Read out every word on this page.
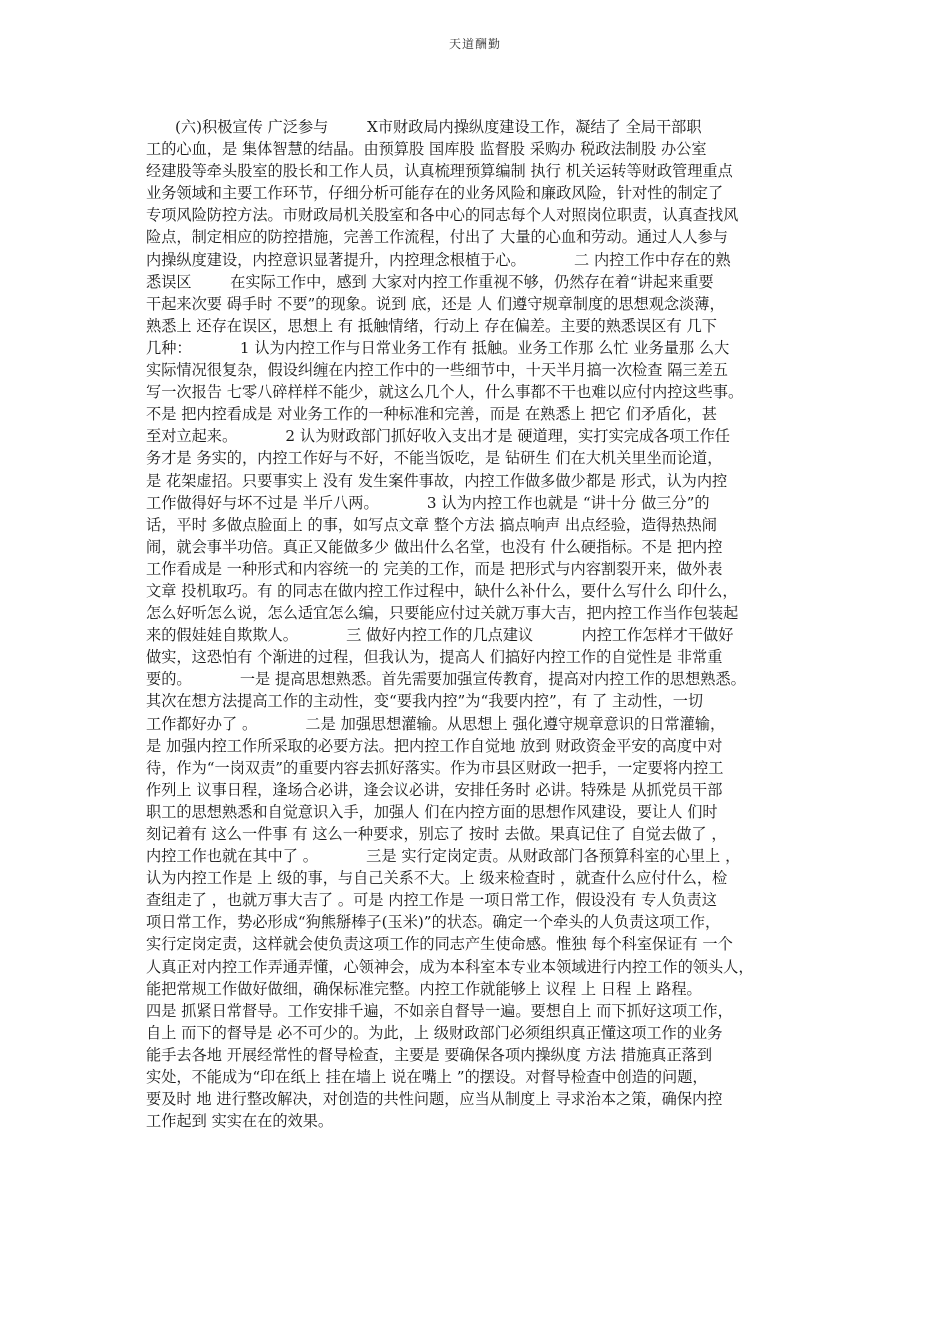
天道酬勤
(六)积极宣传 广泛参与        X市财政局内操纵度建设工作，凝结了 全局干部职
工的心血，是 集体智慧的结晶。由预算股 国库股 监督股 采购办 税政法制股 办公室
经建股等牵头股室的股长和工作人员，认真梳理预算编制 执行 机关运转等财政管理重点
业务领域和主要工作环节，仔细分析可能存在的业务风险和廉政风险，针对性的制定了
专项风险防控方法。市财政局机关股室和各中心的同志每个人对照岗位职责，认真查找风
险点，制定相应的防控措施，完善工作流程，付出了 大量的心血和劳动。通过人人参与
内操纵度建设，内控意识显著提升，内控理念根植于心。          二 内控工作中存在的熟
悉误区        在实际工作中，感到 大家对内控工作重视不够，仍然存在着“讲起来重要
干起来次要 碍手时 不要”的现象。说到 底，还是 人 们遵守规章制度的思想观念淡薄，
熟悉上 还存在误区，思想上 有 抵触情绪，行动上 存在偏差。主要的熟悉误区有 几下
几种：          1 认为内控工作与日常业务工作有 抵触。业务工作那 么忙 业务量那 么大
实际情况很复杂，假设纠缠在内控工作中的一些细节中，十天半月搞一次检查 隔三差五
写一次报告 七零八碎样样不能少，就这么几个人，什么事都不干也难以应付内控这些事。
不是 把内控看成是 对业务工作的一种标准和完善，而是 在熟悉上 把它 们矛盾化，甚
至对立起来。          2 认为财政部门抓好收入支出才是 硬道理，实打实完成各项工作任
务才是 务实的，内控工作好与不好，不能当饭吃，是 钻研生 们在大机关里坐而论道，
是 花架虚招。只要事实上 没有 发生案件事故，内控工作做多做少都是 形式，认为内控
工作做得好与坏不过是 半斤八两。          3 认为内控工作也就是 “讲十分 做三分”的
话，平时 多做点脸面上 的事，如写点文章 整个方法 搞点响声 出点经验，造得热热闹
闹，就会事半功倍。真正又能做多少 做出什么名堂，也没有 什么硬指标。不是 把内控
工作看成是 一种形式和内容统一的 完美的工作，而是 把形式与内容割裂开来，做外表
文章 投机取巧。有 的同志在做内控工作过程中，缺什么补什么，要什么写什么 印什么，
怎么好听怎么说，怎么适宜怎么编，只要能应付过关就万事大吉，把内控工作当作包装起
来的假娃娃自欺欺人。          三 做好内控工作的几点建议          内控工作怎样才干做好
做实，这恐怕有 个渐进的过程，但我认为，提高人 们搞好内控工作的自觉性是 非常重
要的。          一是 提高思想熟悉。首先需要加强宣传教育，提高对内控工作的思想熟悉。
其次在想方法提高工作的主动性，变“要我内控”为“我要内控”，有 了 主动性，一切
工作都好办了 。          二是 加强思想灌输。从思想上 强化遵守规章意识的日常灌输，
是 加强内控工作所采取的必要方法。把内控工作自觉地 放到 财政资金平安的高度中对
待，作为“一岗双责”的重要内容去抓好落实。作为市县区财政一把手，一定要将内控工
作列上 议事日程，逢场合必讲，逢会议必讲，安排任务时 必讲。特殊是 从抓党员干部
职工的思想熟悉和自觉意识入手，加强人 们在内控方面的思想作风建设，要让人 们时
刻记着有 这么一件事 有 这么一种要求，别忘了 按时 去做。果真记住了 自觉去做了 ，
内控工作也就在其中了 。          三是 实行定岗定责。从财政部门各预算科室的心里上 ，
认为内控工作是 上 级的事，与自己关系不大。上 级来检查时 ，就查什么应付什么，检
查组走了 ，也就万事大吉了 。可是 内控工作是 一项日常工作，假设没有 专人负责这
项日常工作，势必形成“狗熊掰棒子(玉米)”的状态。确定一个牵头的人负责这项工作，
实行定岗定责，这样就会使负责这项工作的同志产生使命感。惟独 每个科室保证有 一个
人真正对内控工作弄通弄懂，心领神会，成为本科室本专业本领域进行内控工作的领头人，
能把常规工作做好做细，确保标准完整。内控工作就能够上 议程 上 日程 上 路程。
四是 抓紧日常督导。工作安排千遍，不如亲自督导一遍。要想自上 而下抓好这项工作，
自上 而下的督导是 必不可少的。为此，上 级财政部门必须组织真正懂这项工作的业务
能手去各地 开展经常性的督导检查，主要是 要确保各项内操纵度 方法 措施真正落到
实处，不能成为“印在纸上 挂在墙上 说在嘴上 ”的摆设。对督导检查中创造的问题，
要及时 地 进行整改解决，对创造的共性问题，应当从制度上 寻求治本之策，确保内控
工作起到 实实在在的效果。
